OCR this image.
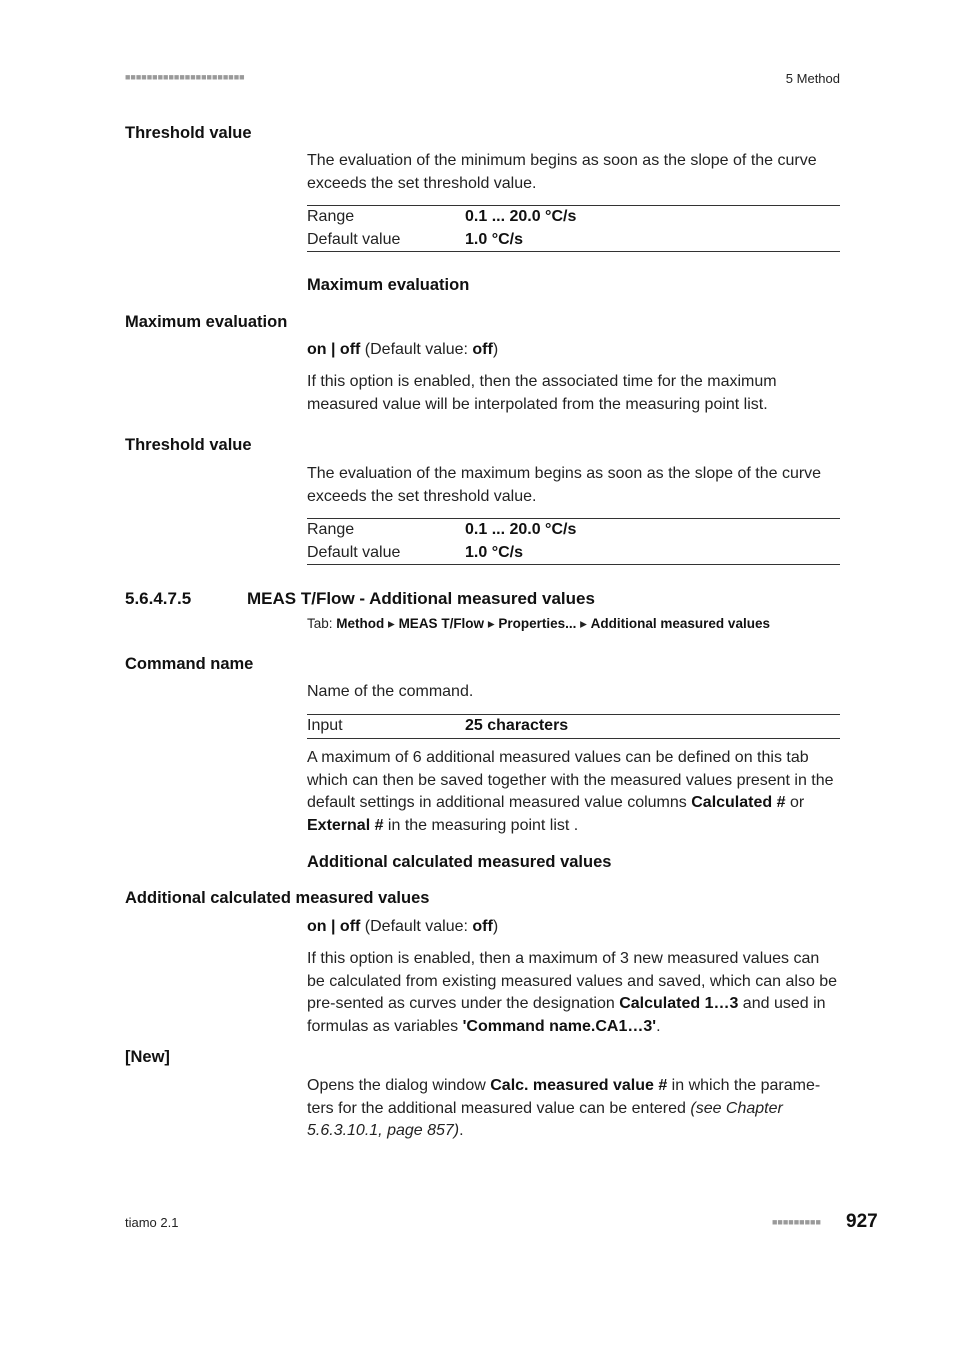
■■■■■■■■■■■■■■■■■■■■■■	5 Method
Threshold value
The evaluation of the minimum begins as soon as the slope of the curve exceeds the set threshold value.
Range	0.1 ... 20.0 °C/s
Default value	1.0 °C/s
Maximum evaluation
Maximum evaluation
on | off (Default value: off)
If this option is enabled, then the associated time for the maximum measured value will be interpolated from the measuring point list.
Threshold value
The evaluation of the maximum begins as soon as the slope of the curve exceeds the set threshold value.
Range	0.1 ... 20.0 °C/s
Default value	1.0 °C/s
5.6.4.7.5	MEAS T/Flow - Additional measured values
Tab: Method ▸ MEAS T/Flow ▸ Properties... ▸ Additional measured values
Command name
Name of the command.
Input	25 characters
A maximum of 6 additional measured values can be defined on this tab which can then be saved together with the measured values present in the default settings in additional measured value columns Calculated # or External # in the measuring point list .
Additional calculated measured values
Additional calculated measured values
on | off (Default value: off)
If this option is enabled, then a maximum of 3 new measured values can be calculated from existing measured values and saved, which can also be pre-sented as curves under the designation Calculated 1…3 and used in formulas as variables 'Command name.CA1…3'.
[New]
Opens the dialog window Calc. measured value # in which the parame-ters for the additional measured value can be entered (see Chapter 5.6.3.10.1, page 857).
tiamo 2.1	■■■■■■■■■ 927
